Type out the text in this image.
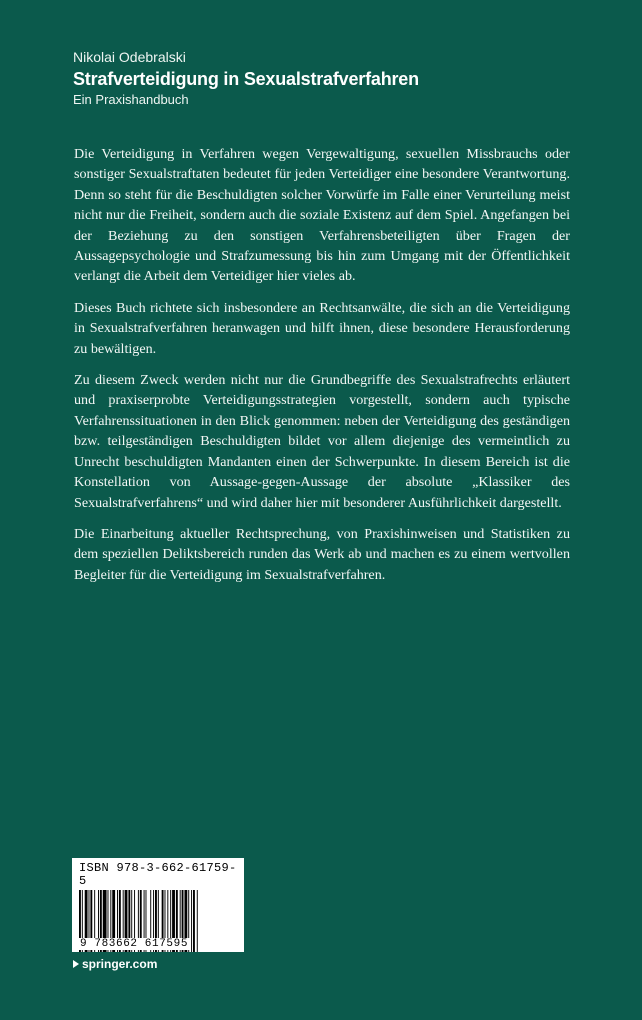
Nikolai Odebralski
Strafverteidigung in Sexualstrafverfahren
Ein Praxishandbuch

Die Verteidigung in Verfahren wegen Vergewaltigung, sexuellen Missbrauchs oder sonstiger Sexualstraftaten bedeutet für jeden Verteidiger eine besondere Verantwortung. Denn so steht für die Beschuldigten solcher Vorwürfe im Falle einer Verurteilung meist nicht nur die Freiheit, sondern auch die soziale Existenz auf dem Spiel. Angefangen bei der Beziehung zu den sonstigen Verfahrensbeteiligten über Fragen der Aussagepsychologie und Strafzumessung bis hin zum Umgang mit der Öffentlichkeit verlangt die Arbeit dem Verteidiger hier vieles ab.

Dieses Buch richtete sich insbesondere an Rechtsanwälte, die sich an die Verteidigung in Sexualstrafverfahren heranwagen und hilft ihnen, diese besondere Herausforderung zu bewältigen.

Zu diesem Zweck werden nicht nur die Grundbegriffe des Sexualstrafrechts erläutert und praxiserprobte Verteidigungsstrategien vorgestellt, sondern auch typische Verfahrenssituationen in den Blick genommen: neben der Verteidigung des geständigen bzw. teilgeständigen Beschuldigten bildet vor allem diejenige des vermeintlich zu Unrecht beschuldigten Mandanten einen der Schwerpunkte. In diesem Bereich ist die Konstellation von Aussage-gegen-Aussage der absolute „Klassiker des Sexualstrafverfahrens“ und wird daher hier mit besonderer Ausführlichkeit dargestellt.

Die Einarbeitung aktueller Rechtsprechung, von Praxishinweisen und Statistiken zu dem speziellen Deliktsbereich runden das Werk ab und machen es zu einem wertvollen Begleiter für die Verteidigung im Sexualstrafverfahren.

ISBN 978-3-662-61759-5
9 783662 617595
springer.com
